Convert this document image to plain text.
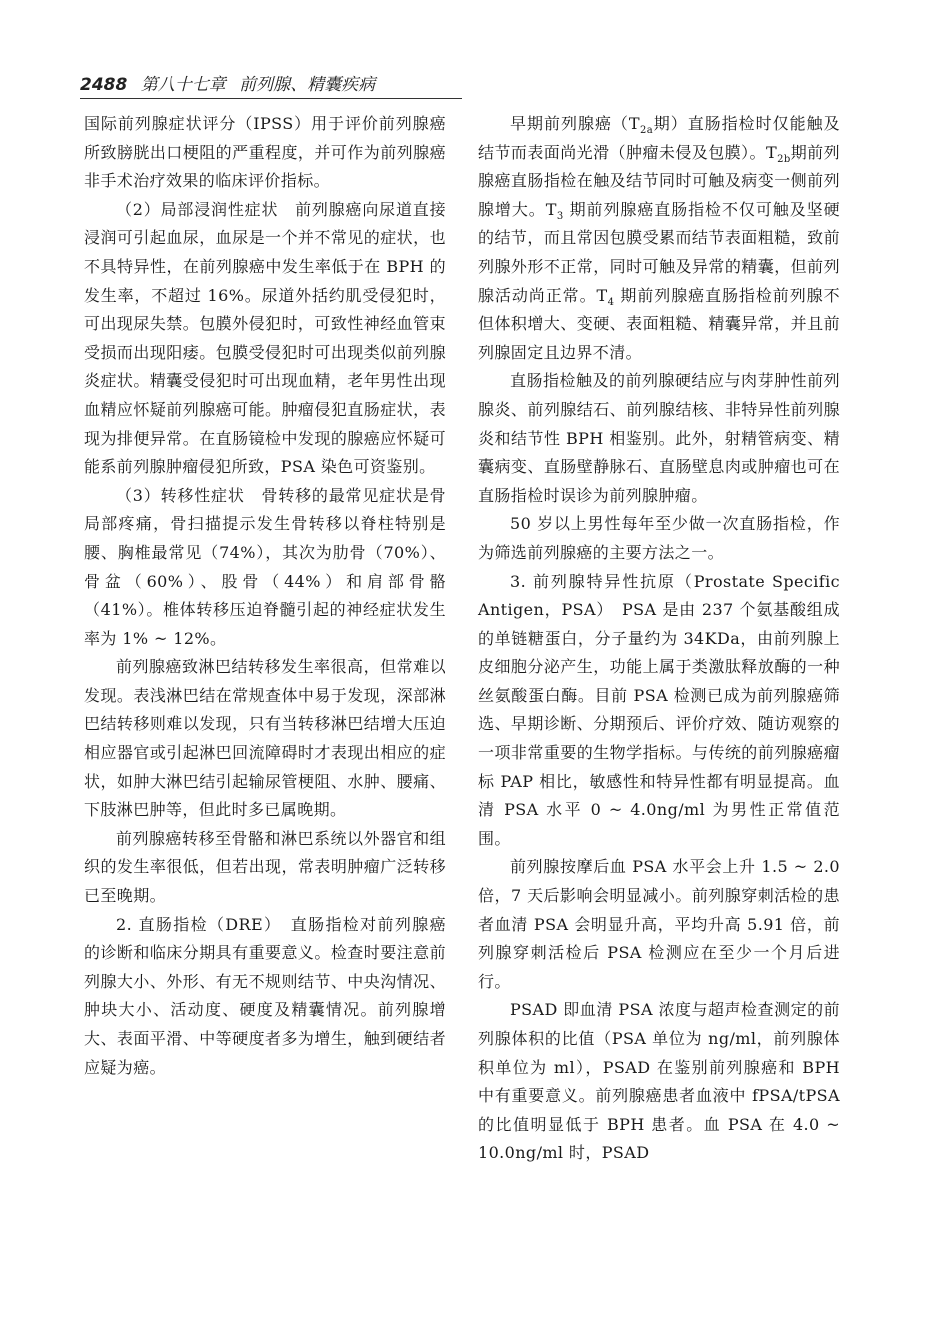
2488 第八十七章 前列腺、精囊疾病

国际前列腺症状评分（IPSS）用于评价前列腺癌所致膀胱出口梗阻的严重程度，并可作为前列腺癌非手术治疗效果的临床评价指标。

（2）局部浸润性症状　前列腺癌向尿道直接浸润可引起血尿，血尿是一个并不常见的症状，也不具特异性，在前列腺癌中发生率低于在 BPH 的发生率，不超过 16%。尿道外括约肌受侵犯时，可出现尿失禁。包膜外侵犯时，可致性神经血管束受损而出现阳痿。包膜受侵犯时可出现类似前列腺炎症状。精囊受侵犯时可出现血精，老年男性出现血精应怀疑前列腺癌可能。肿瘤侵犯直肠症状，表现为排便异常。在直肠镜检中发现的腺癌应怀疑可能系前列腺肿瘤侵犯所致，PSA 染色可资鉴别。

（3）转移性症状　骨转移的最常见症状是骨局部疼痛，骨扫描提示发生骨转移以脊柱特别是腰、胸椎最常见（74%），其次为肋骨（70%）、骨盆（60%）、股骨（44%）和肩部骨骼（41%）。椎体转移压迫脊髓引起的神经症状发生率为 1% ~ 12%。

前列腺癌致淋巴结转移发生率很高，但常难以发现。表浅淋巴结在常规查体中易于发现，深部淋巴结转移则难以发现，只有当转移淋巴结增大压迫相应器官或引起淋巴回流障碍时才表现出相应的症状，如肿大淋巴结引起输尿管梗阻、水肿、腰痛、下肢淋巴肿等，但此时多已属晚期。

前列腺癌转移至骨骼和淋巴系统以外器官和组织的发生率很低，但若出现，常表明肿瘤广泛转移已至晚期。

2. 直肠指检（DRE）　直肠指检对前列腺癌的诊断和临床分期具有重要意义。检查时要注意前列腺大小、外形、有无不规则结节、中央沟情况、肿块大小、活动度、硬度及精囊情况。前列腺增大、表面平滑、中等硬度者多为增生，触到硬结者应疑为癌。

早期前列腺癌（$T_{2a}$期）直肠指检时仅能触及结节而表面尚光滑（肿瘤未侵及包膜）。$T_{2b}$期前列腺癌直肠指检在触及结节同时可触及病变一侧前列腺增大。$T_3$ 期前列腺癌直肠指检不仅可触及坚硬的结节，而且常因包膜受累而结节表面粗糙，致前列腺外形不正常，同时可触及异常的精囊，但前列腺活动尚正常。$T_4$ 期前列腺癌直肠指检前列腺不但体积增大、变硬、表面粗糙、精囊异常，并且前列腺固定且边界不清。

直肠指检触及的前列腺硬结应与肉芽肿性前列腺炎、前列腺结石、前列腺结核、非特异性前列腺炎和结节性 BPH 相鉴别。此外，射精管病变、精囊病变、直肠壁静脉石、直肠壁息肉或肿瘤也可在直肠指检时误诊为前列腺肿瘤。

50 岁以上男性每年至少做一次直肠指检，作为筛选前列腺癌的主要方法之一。

3. 前列腺特异性抗原（Prostate Specific Antigen，PSA）　PSA 是由 237 个氨基酸组成的单链糖蛋白，分子量约为 34KDa，由前列腺上皮细胞分泌产生，功能上属于类激肽释放酶的一种丝氨酸蛋白酶。目前 PSA 检测已成为前列腺癌筛选、早期诊断、分期预后、评价疗效、随访观察的一项非常重要的生物学指标。与传统的前列腺癌瘤标 PAP 相比，敏感性和特异性都有明显提高。血清 PSA 水平 0 ~ 4.0ng/ml 为男性正常值范围。

前列腺按摩后血 PSA 水平会上升 1.5 ~ 2.0 倍，7 天后影响会明显减小。前列腺穿刺活检的患者血清 PSA 会明显升高，平均升高 5.91 倍，前列腺穿刺活检后 PSA 检测应在至少一个月后进行。

PSAD 即血清 PSA 浓度与超声检查测定的前列腺体积的比值（PSA 单位为 ng/ml，前列腺体积单位为 ml），PSAD 在鉴别前列腺癌和 BPH 中有重要意义。前列腺癌患者血液中 fPSA/tPSA 的比值明显低于 BPH 患者。血 PSA 在 4.0 ~ 10.0ng/ml 时，PSAD
